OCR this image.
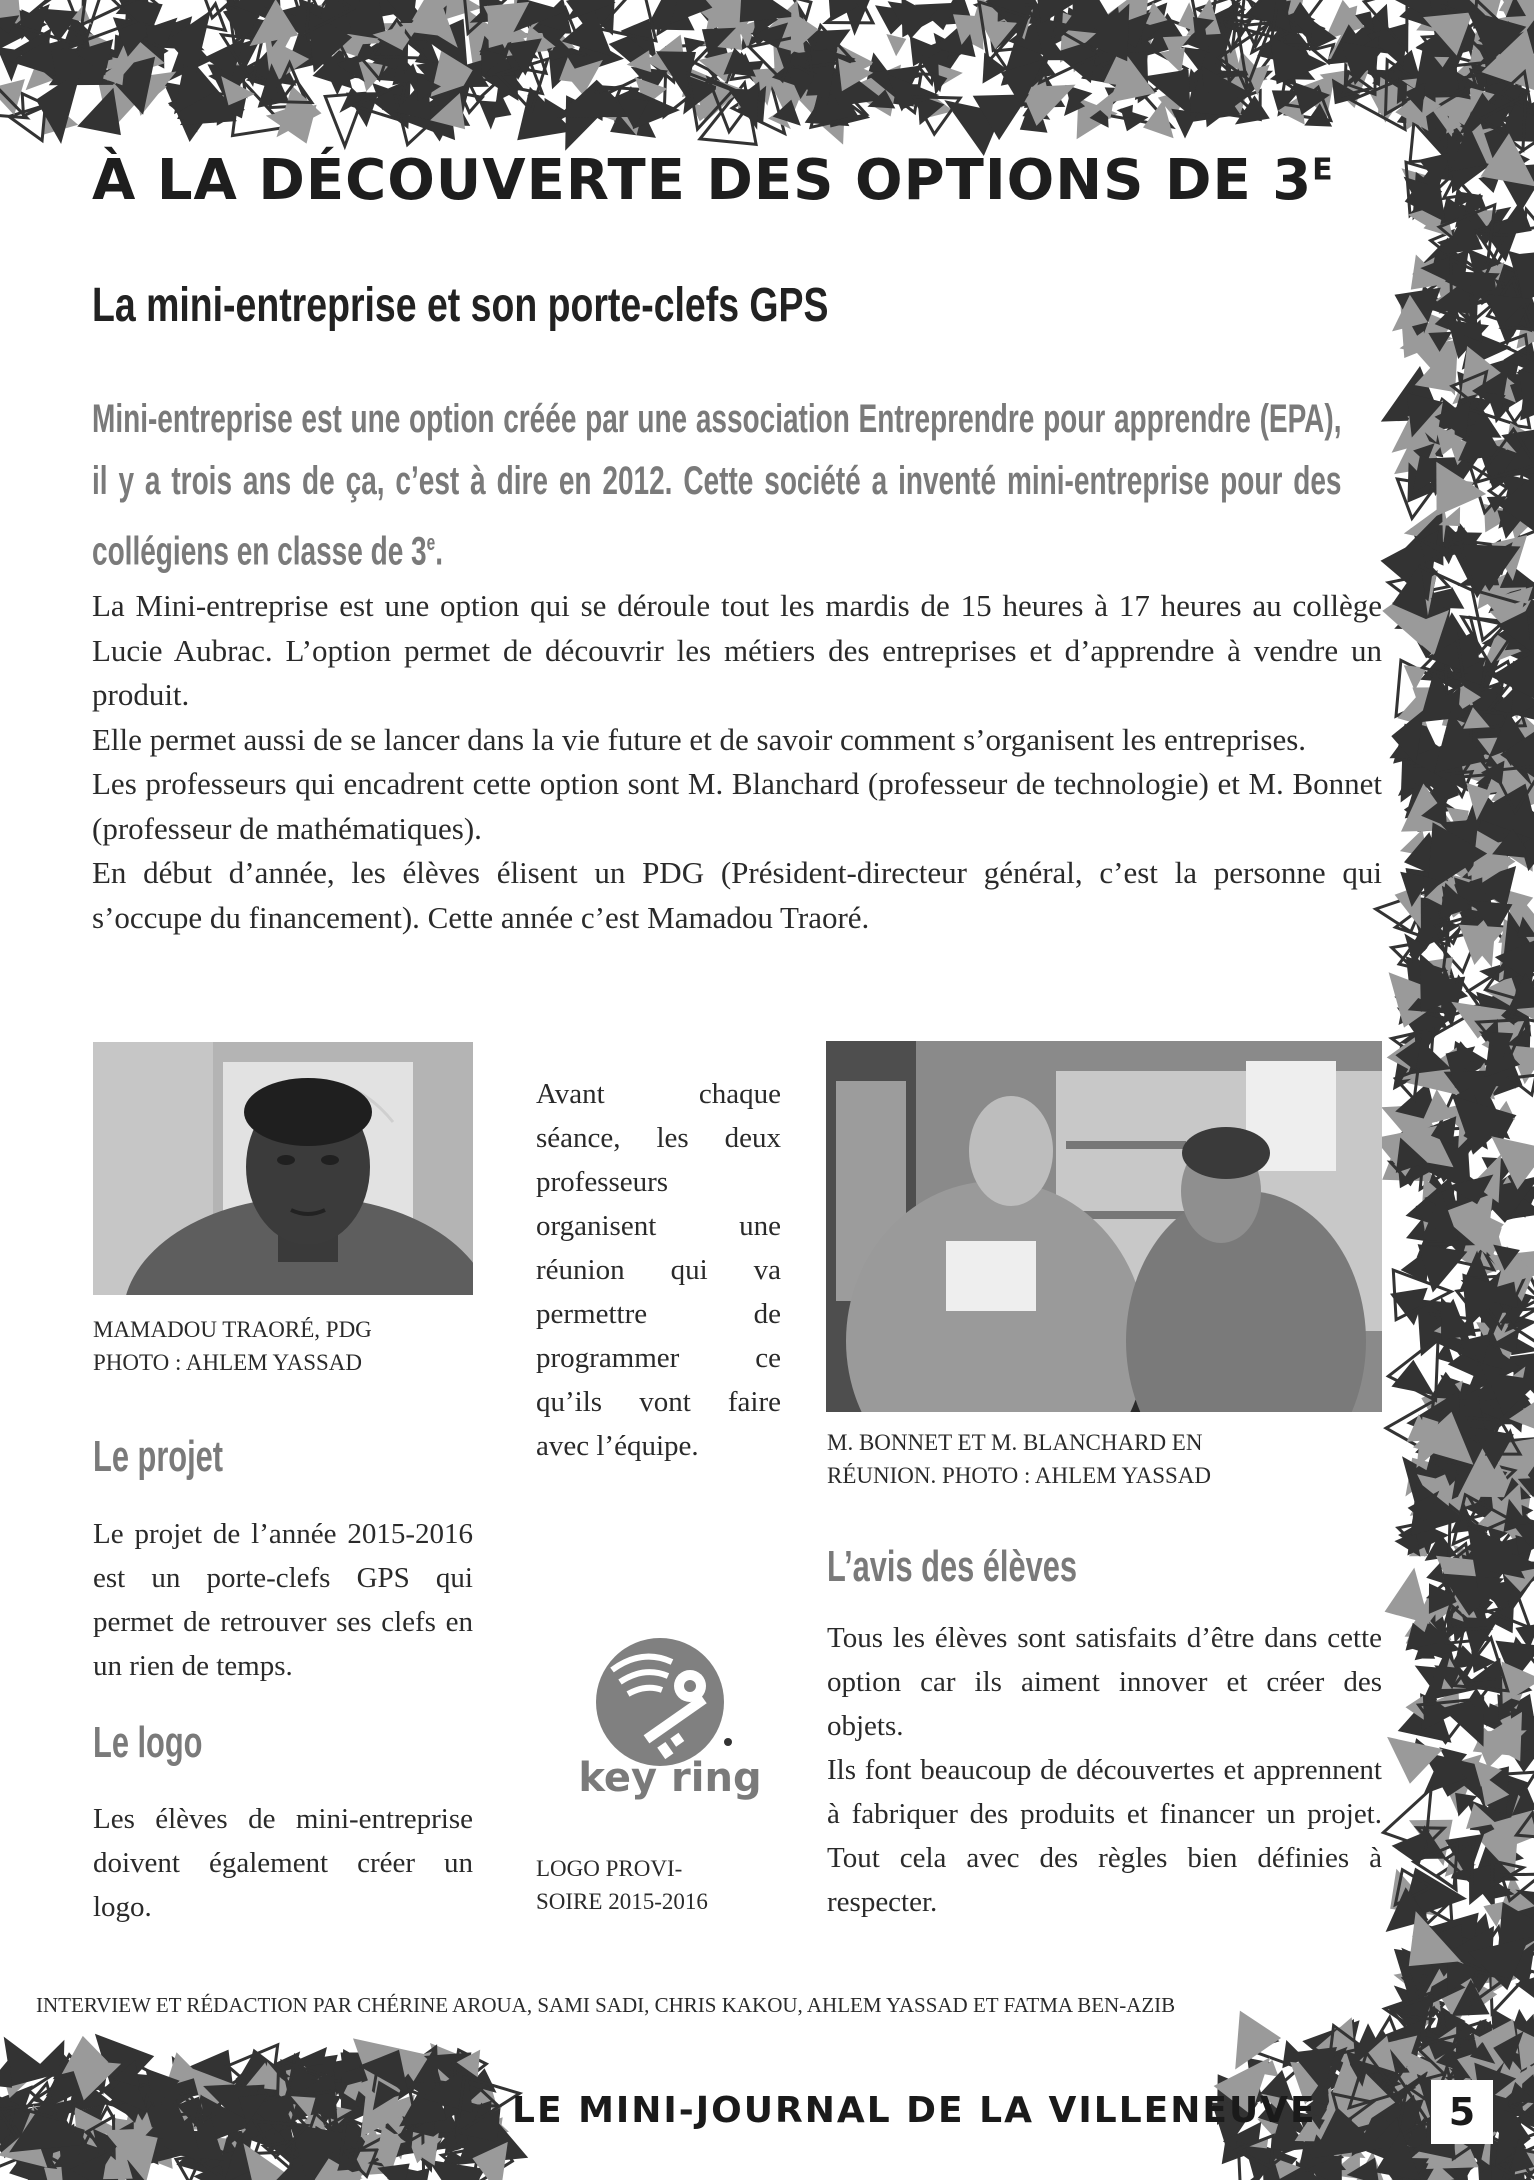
À LA DÉCOUVERTE DES OPTIONS DE $3^E$
La mini-entreprise et son porte-clefs GPS
Mini-entreprise est une option créée par une association Entreprendre pour apprendre (EPA), il y a trois ans de ça, c’est à dire en 2012. Cette société a inventé mini-entreprise pour des collégiens en classe de 3e.

La Mini-entreprise est une option qui se déroule tout les mardis de 15 heures à 17 heures au collège Lucie Aubrac. L’option permet de découvrir les métiers des entreprises et d’apprendre à vendre un produit.

Elle permet aussi de se lancer dans la vie future et de savoir comment s’organisent les entreprises.

Les professeurs qui encadrent cette option sont M. Blanchard (professeur de technologie) et M. Bonnet (professeur de mathématiques).

En début d’année, les élèves élisent un PDG (Président-directeur général, c’est la personne qui s’occupe du financement). Cette année c’est Mamadou Traoré.

MAMADOU TRAORÉ, PDG
PHOTO : AHLEM YASSAD
Avant chaque séance, les deux professeurs organisent une réunion qui va permettre de programmer ce qu’ils vont faire avec l’équipe.	M. BONNET ET M. BLANCHARD EN
RÉUNION. PHOTO : AHLEM YASSAD
Le projet
Le projet de l’année 2015-2016 est un porte-clefs GPS qui permet de retrouver ses clefs en un rien de temps.
Le logo
Les élèves de mini-entreprise doivent également créer un logo.
key ring
LOGO PROVI-
SOIRE 2015-2016
L’avis des élèves
Tous les élèves sont satisfaits d’être dans cette option car ils aiment innover et créer des objets.
Ils font beaucoup de découvertes et apprennent à fabriquer des produits et financer un projet. Tout cela avec des règles bien définies à respecter.
INTERVIEW ET RÉDACTION PAR CHÉRINE AROUA, SAMI SADI, CHRIS KAKOU, AHLEM YASSAD ET FATMA BEN-AZIB
LE MINI-JOURNAL DE LA VILLENEUVE	5
